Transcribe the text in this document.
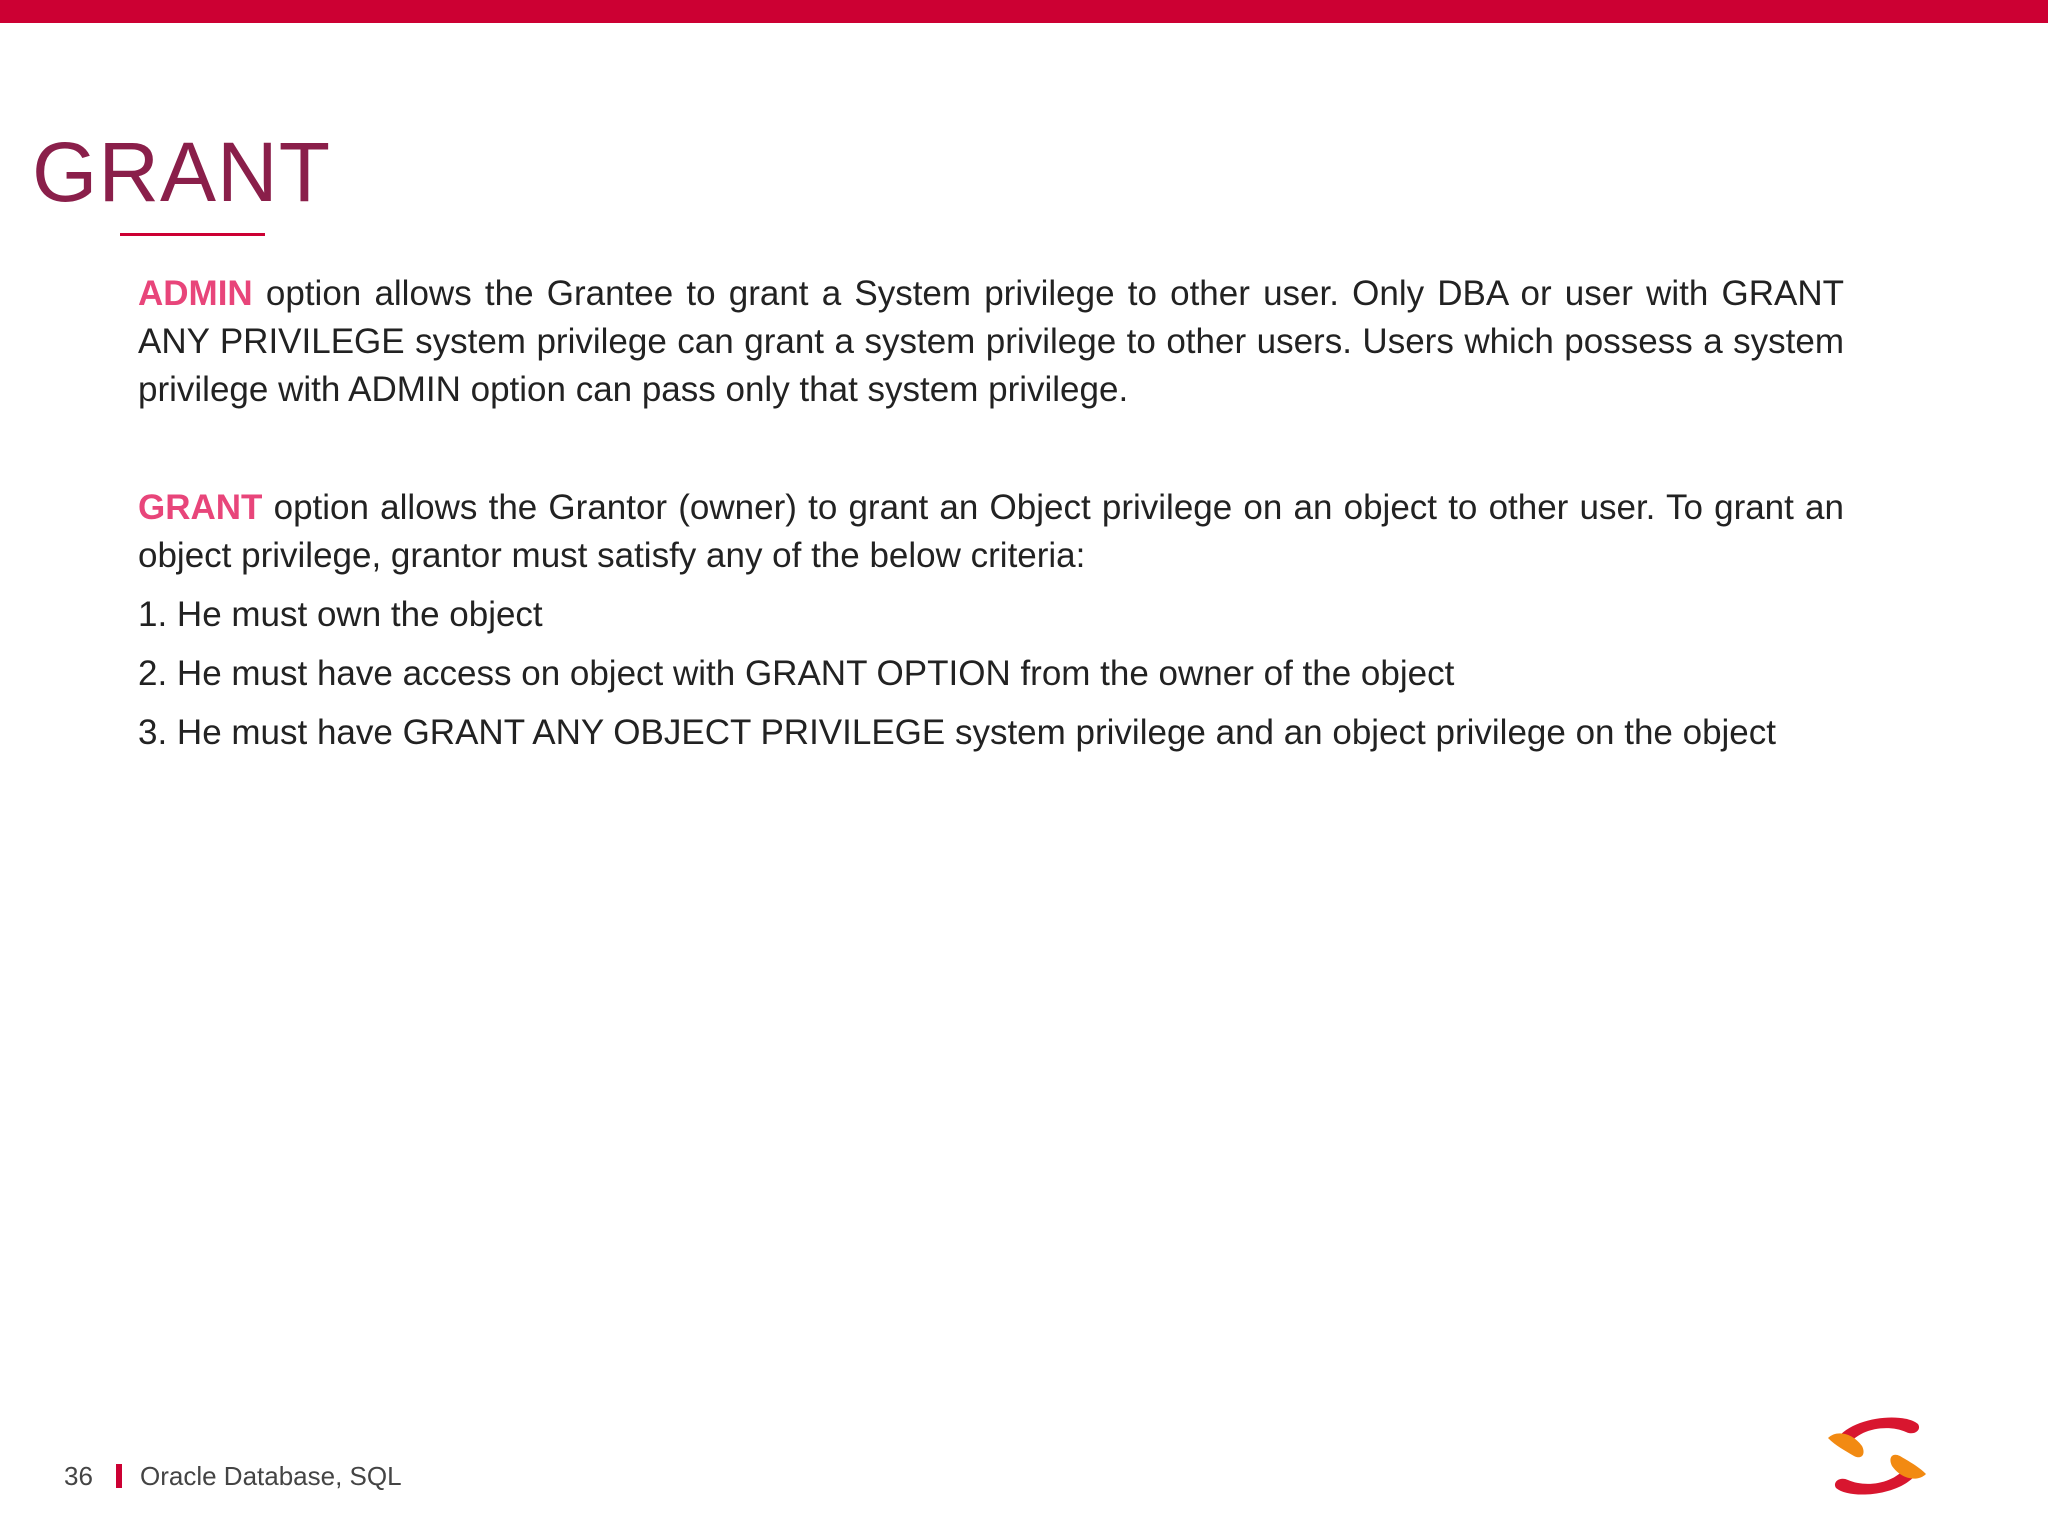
GRANT

ADMIN option allows the Grantee to grant a System privilege to other user. Only DBA or user with GRANT ANY PRIVILEGE system privilege can grant a system privilege to other users. Users which possess a system privilege with ADMIN option can pass only that system privilege.

GRANT option allows the Grantor (owner) to grant an Object privilege on an object to other user. To grant an object privilege, grantor must satisfy any of the below criteria:

1. He must own the object
2. He must have access on object with GRANT OPTION from the owner of the object
3. He must have GRANT ANY OBJECT PRIVILEGE system privilege and an object privilege on the object
36 Oracle Database, SQL
